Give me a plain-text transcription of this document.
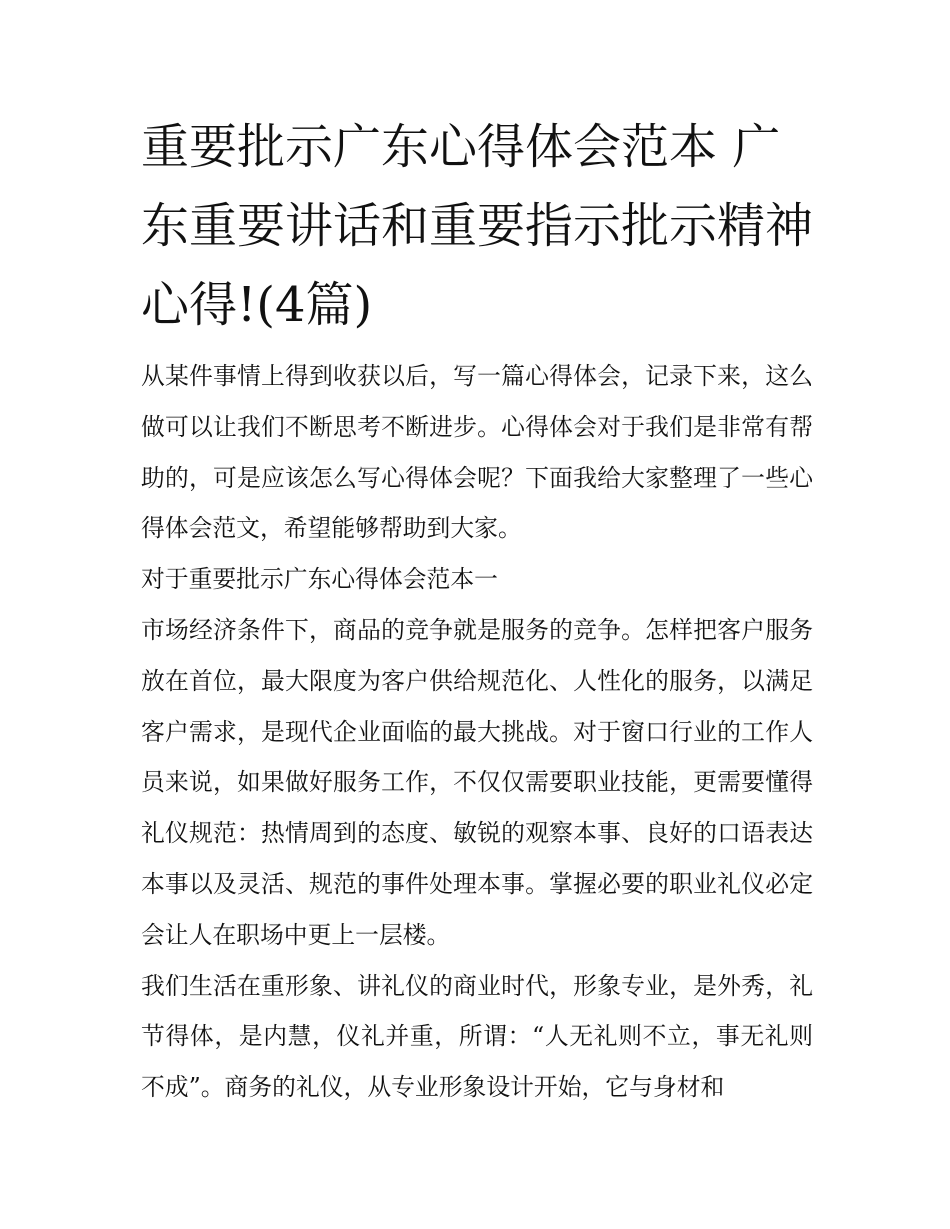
重要批示广东心得体会范本 广东重要讲话和重要指示批示精神心得!(4篇)

从某件事情上得到收获以后，写一篇心得体会，记录下来，这么做可以让我们不断思考不断进步。心得体会对于我们是非常有帮助的，可是应该怎么写心得体会呢？下面我给大家整理了一些心得体会范文，希望能够帮助到大家。

对于重要批示广东心得体会范本一

市场经济条件下，商品的竞争就是服务的竞争。怎样把客户服务放在首位，最大限度为客户供给规范化、人性化的服务，以满足客户需求，是现代企业面临的最大挑战。对于窗口行业的工作人员来说，如果做好服务工作，不仅仅需要职业技能，更需要懂得礼仪规范：热情周到的态度、敏锐的观察本事、良好的口语表达本事以及灵活、规范的事件处理本事。掌握必要的职业礼仪必定会让人在职场中更上一层楼。

我们生活在重形象、讲礼仪的商业时代，形象专业，是外秀，礼节得体，是内慧，仪礼并重，所谓：“人无礼则不立，事无礼则不成”。商务的礼仪，从专业形象设计开始，它与身材和
